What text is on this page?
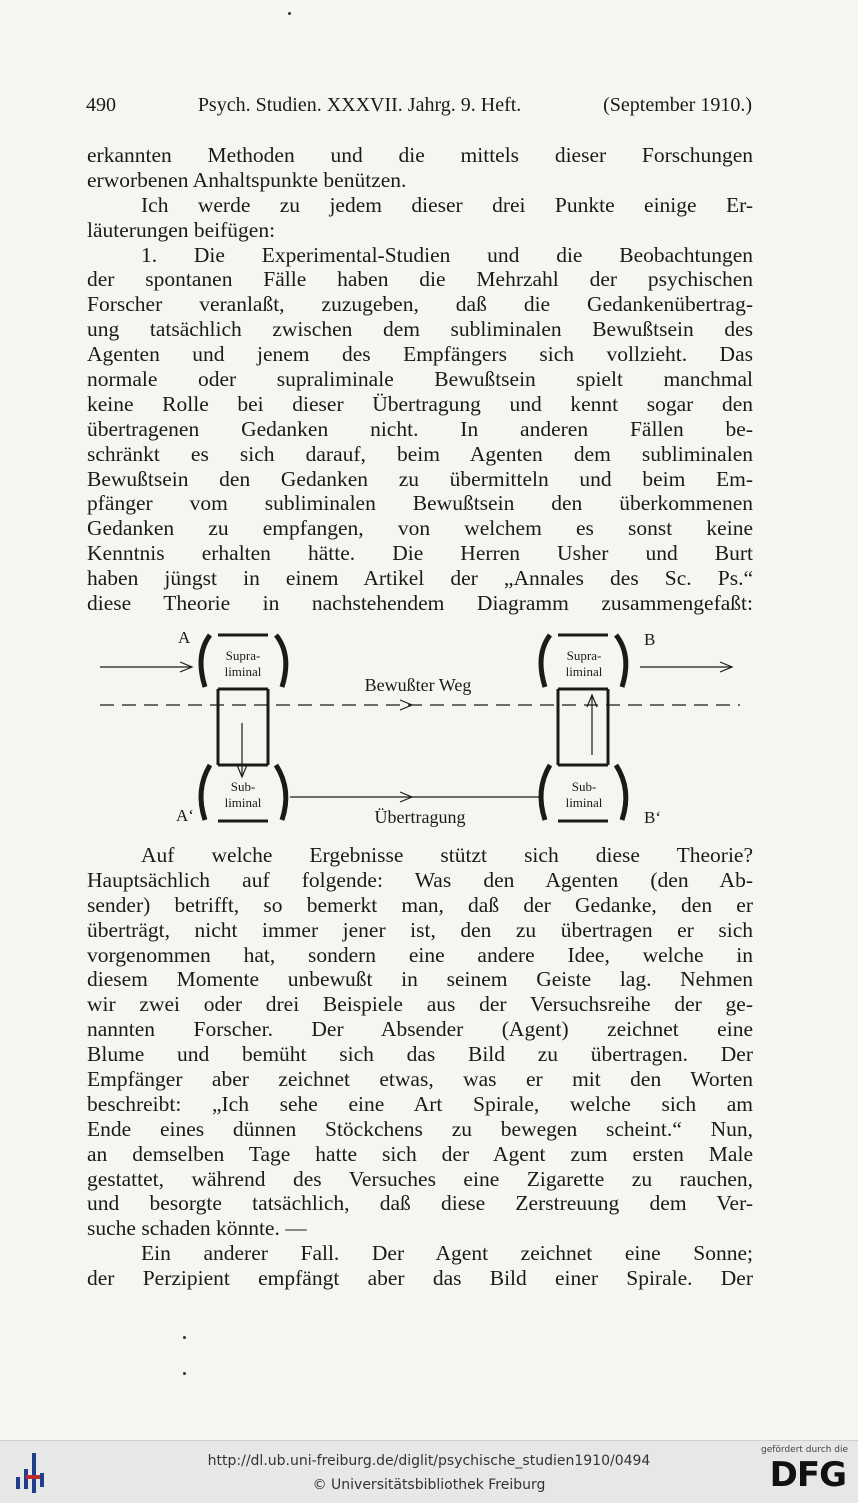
490	Psych. Studien. XXXVII. Jahrg. 9. Heft.	(September 1910.)
erkannten Methoden und die mittels dieser Forschungen
erworbenen Anhaltspunkte benützen.
Ich werde zu jedem dieser drei Punkte einige Er-
läuterungen beifügen:
1. Die Experimental-Studien und die Beobachtungen
der spontanen Fälle haben die Mehrzahl der psychischen
Forscher veranlaßt, zuzugeben, daß die Gedankenübertrag-
ung tatsächlich zwischen dem subliminalen Bewußtsein des
Agenten und jenem des Empfängers sich vollzieht. Das
normale oder supraliminale Bewußtsein spielt manchmal
keine Rolle bei dieser Übertragung und kennt sogar den
übertragenen Gedanken nicht. In anderen Fällen be-
schränkt es sich darauf, beim Agenten dem subliminalen
Bewußtsein den Gedanken zu übermitteln und beim Em-
pfänger vom subliminalen Bewußtsein den überkommenen
Gedanken zu empfangen, von welchem es sonst keine
Kenntnis erhalten hätte. Die Herren Usher und Burt
haben jüngst in einem Artikel der „Annales des Sc. Ps.“
diese Theorie in nachstehendem Diagramm zusammengefaßt:
A
A‘
B
B‘
Supra-
liminal
Supra-
liminal
Sub-
liminal
Sub-
liminal
Bewußter Weg
Übertragung
Auf welche Ergebnisse stützt sich diese Theorie?
Hauptsächlich auf folgende: Was den Agenten (den Ab-
sender) betrifft, so bemerkt man, daß der Gedanke, den er
überträgt, nicht immer jener ist, den zu übertragen er sich
vorgenommen hat, sondern eine andere Idee, welche in
diesem Momente unbewußt in seinem Geiste lag. Nehmen
wir zwei oder drei Beispiele aus der Versuchsreihe der ge-
nannten Forscher. Der Absender (Agent) zeichnet eine
Blume und bemüht sich das Bild zu übertragen. Der
Empfänger aber zeichnet etwas, was er mit den Worten
beschreibt: „Ich sehe eine Art Spirale, welche sich am
Ende eines dünnen Stöckchens zu bewegen scheint.“ Nun,
an demselben Tage hatte sich der Agent zum ersten Male
gestattet, während des Versuches eine Zigarette zu rauchen,
und besorgte tatsächlich, daß diese Zerstreuung dem Ver-
suche schaden könnte. —
Ein anderer Fall. Der Agent zeichnet eine Sonne;
der Perzipient empfängt aber das Bild einer Spirale. Der
http://dl.ub.uni-freiburg.de/diglit/psychische_studien1910/0494
© Universitätsbibliothek Freiburg
gefördert durch die
DFG
